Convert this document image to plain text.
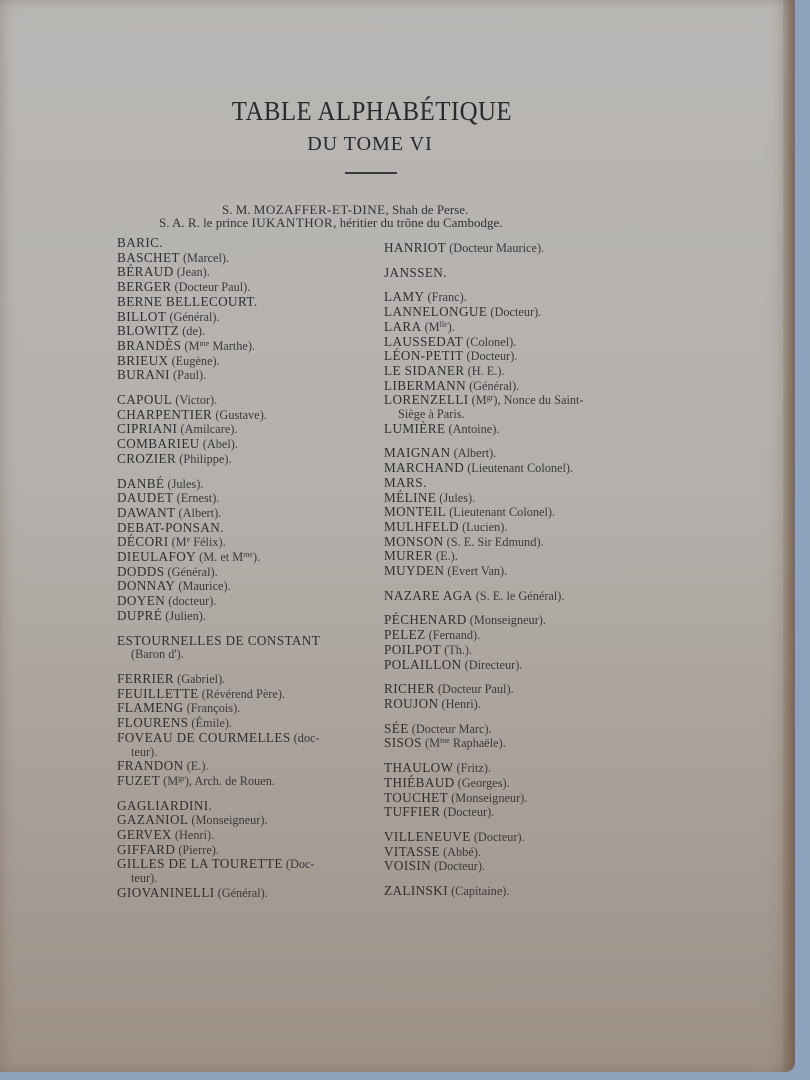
TABLE ALPHABÉTIQUE
DU TOME VI
S. M. MOZAFFER-ET-DINE, Shah de Perse.
S. A. R. le prince IUKANTHOR, héritier du trône du Cambodge.
BARIC.
BASCHET (Marcel).
BÉRAUD (Jean).
BERGER (Docteur Paul).
BERNE BELLECOURT.
BILLOT (Général).
BLOWITZ (de).
BRANDÈS ($M^{me}$ Marthe).
BRIEUX (Eugène).
BURANI (Paul).
CAPOUL (Victor).
CHARPENTIER (Gustave).
CIPRIANI (Amilcare).
COMBARIEU (Abel).
CROZIER (Philippe).
DANBÉ (Jules).
DAUDET (Ernest).
DAWANT (Albert).
DEBAT-PONSAN.
DÉCORI (Me Félix).
DIEULAFOY (M. et $M^{me}$).
DODDS (Général).
DONNAY (Maurice).
DOYEN (docteur).
DUPRÉ (Julien).
ESTOURNELLES DE CONSTANT
(Baron d').
FERRIER (Gabriel).
FEUILLETTE (Révérend Père).
FLAMENG (François).
FLOURENS (Émile).
FOVEAU DE COURMELLES (doc-
teur).
FRANDON (E.).
FUZET $(M^{gr})$, Arch. de Rouen.
GAGLIARDINI.
GAZANIOL (Monseigneur).
GERVEX (Henri).
GIFFARD (Pierre).
GILLES DE LA TOURETTE (Doc-
teur).
GIOVANINELLI (Général).
HANRIOT (Docteur Maurice).
JANSSEN.
LAMY (Franc).
LANNELONGUE (Docteur).
LARA $(M^{lle})$.
LAUSSEDAT (Colonel).
LÉON-PETIT (Docteur).
LE SIDANER (H. E.).
LIBERMANN (Général).
LORENZELLI $(M^{gr})$, Nonce du Saint-
Siège à Paris.
LUMIÈRE (Antoine).
MAIGNAN (Albert).
MARCHAND (Lieutenant Colonel).
MARS.
MÉLINE (Jules).
MONTEIL (Lieutenant Colonel).
MULHFELD (Lucien).
MONSON (S. E. Sir Edmund).
MURER (E.).
MUYDEN (Evert Van).
NAZARE AGA (S. E. le Général).
PÉCHENARD (Monseigneur).
PELEZ (Fernand).
POILPOT (Th.).
POLAILLON (Directeur).
RICHER (Docteur Paul).
ROUJON (Henri).
SÉE (Docteur Marc).
SISOS ($M^{me}$ Raphaële).
THAULOW (Fritz).
THIÉBAUD (Georges).
TOUCHET (Monseigneur).
TUFFIER (Docteur).
VILLENEUVE (Docteur).
VITASSE (Abbé).
VOISIN (Docteur).
ZALINSKI (Capitaine).
